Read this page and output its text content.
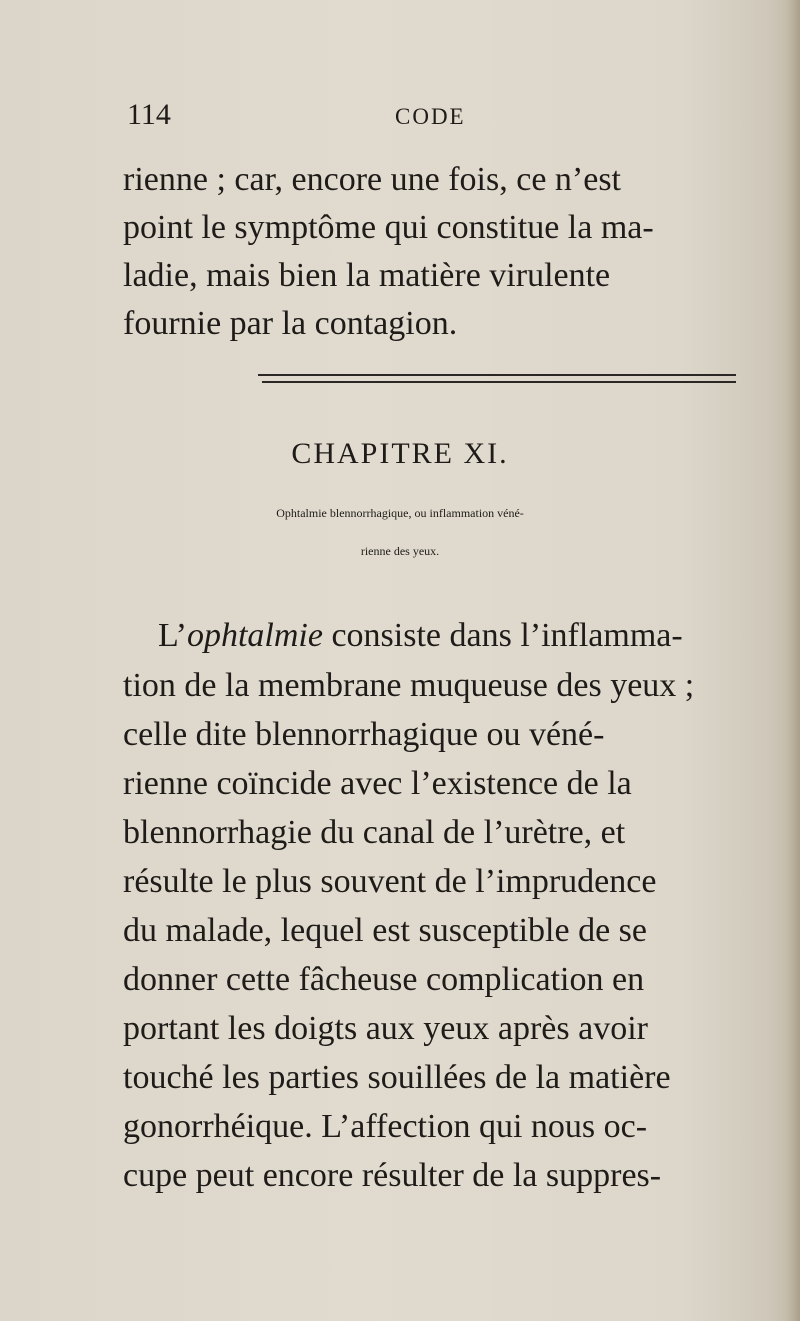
114	CODE
rienne ; car, encore une fois, ce n’est
point le symptôme qui constitue la ma-
ladie, mais bien la matière virulente
fournie par la contagion.
CHAPITRE XI.
Ophtalmie blennorrhagique, ou inflammation véné-
rienne des yeux.
L’ophtalmie consiste dans l’inflamma-
tion de la membrane muqueuse des yeux ;
celle dite blennorrhagique ou véné-
rienne coïncide avec l’existence de la
blennorrhagie du canal de l’urètre, et
résulte le plus souvent de l’imprudence
du malade, lequel est susceptible de se
donner cette fâcheuse complication en
portant les doigts aux yeux après avoir
touché les parties souillées de la matière
gonorrhéique. L’affection qui nous oc-
cupe peut encore résulter de la suppres-
